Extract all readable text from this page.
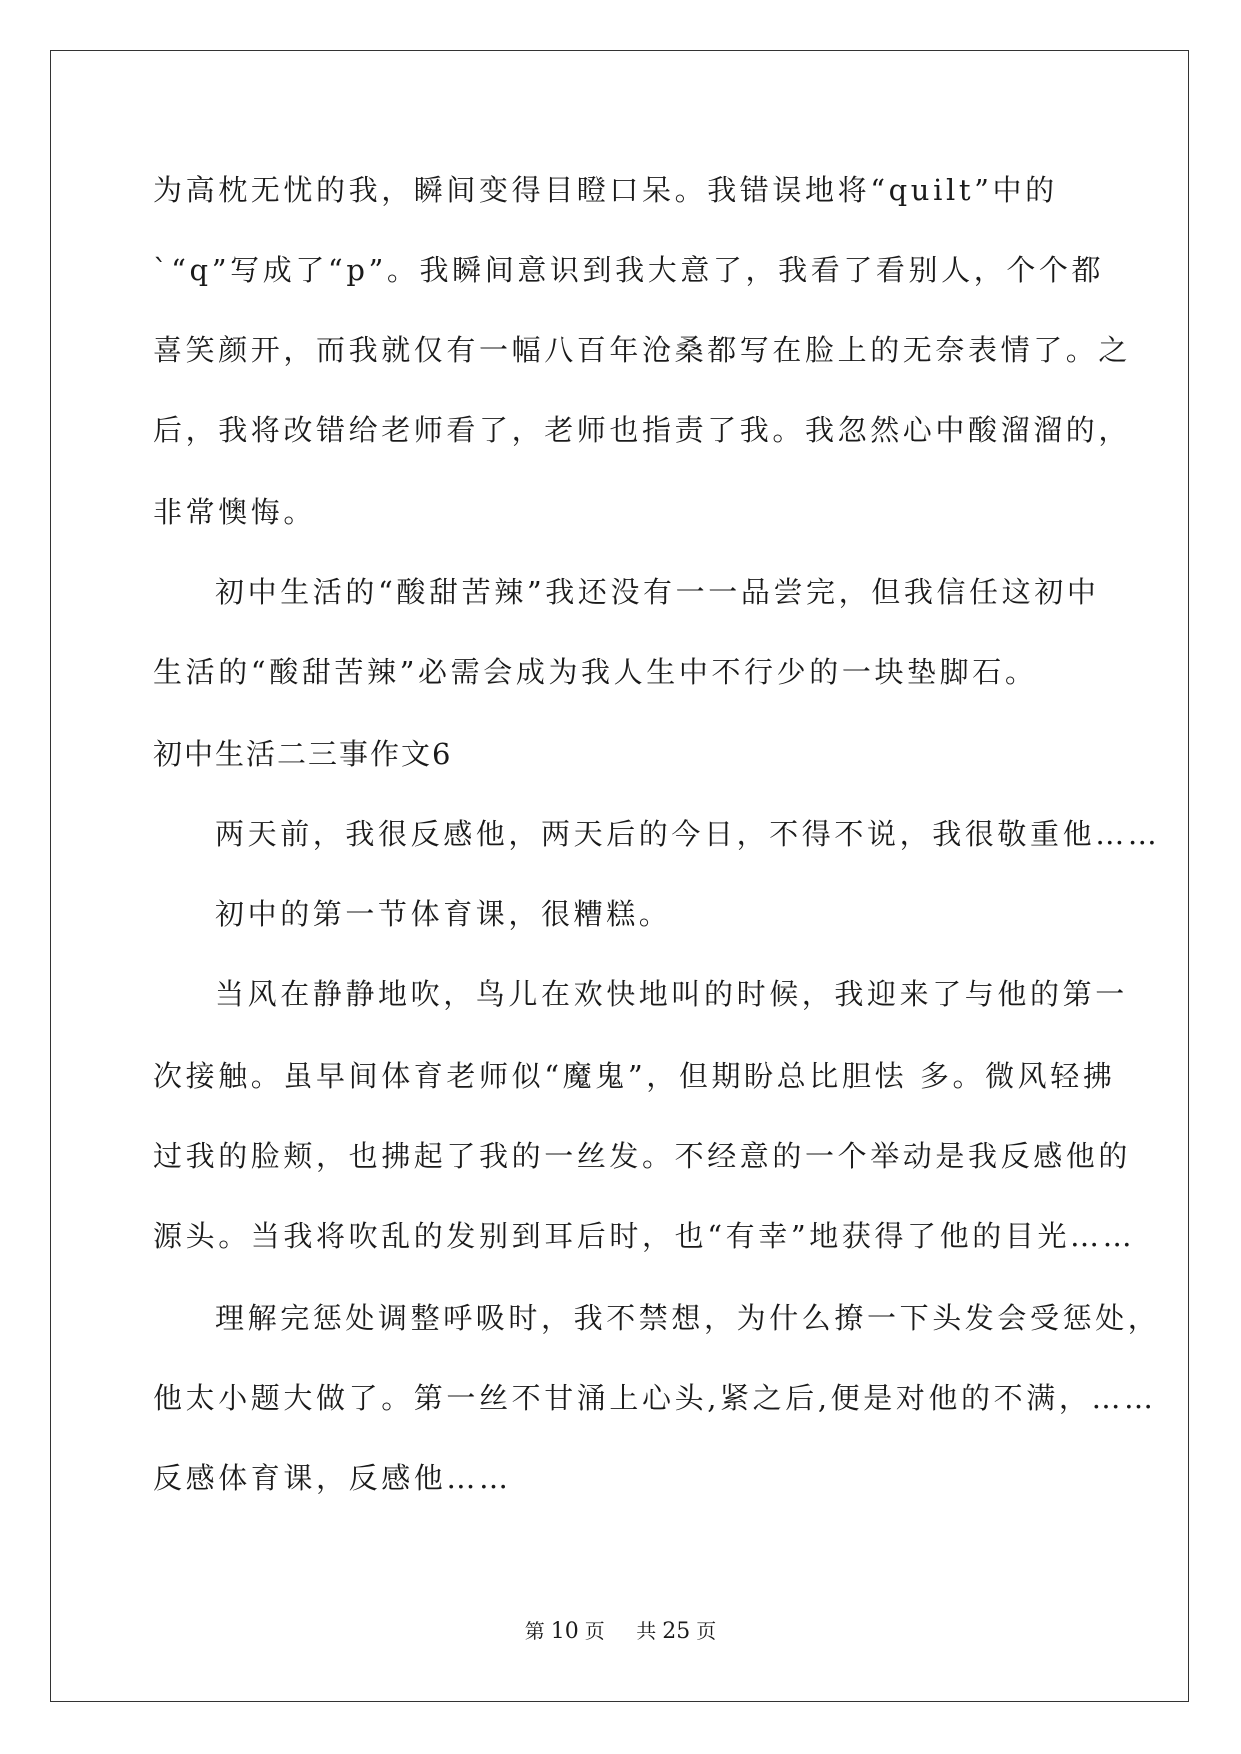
为高枕无忧的我，瞬间变得目瞪口呆。我错误地将“quilt”中的
`“q”写成了“p”。我瞬间意识到我大意了，我看了看别人，个个都
喜笑颜开，而我就仅有一幅八百年沧桑都写在脸上的无奈表情了。之
后，我将改错给老师看了，老师也指责了我。我忽然心中酸溜溜的，
非常懊悔。
初中生活的“酸甜苦辣”我还没有一一品尝完，但我信任这初中
生活的“酸甜苦辣”必需会成为我人生中不行少的一块垫脚石。
初中生活二三事作文6
两天前，我很反感他，两天后的今日，不得不说，我很敬重他……
初中的第一节体育课，很糟糕。
当风在静静地吹，鸟儿在欢快地叫的时候，我迎来了与他的第一
次接触。虽早间体育老师似“魔鬼”，但期盼总比胆怯 多。微风轻拂
过我的脸颊，也拂起了我的一丝发。不经意的一个举动是我反感他的
源头。当我将吹乱的发别到耳后时，也“有幸”地获得了他的目光……
理解完惩处调整呼吸时，我不禁想，为什么撩一下头发会受惩处，
他太小题大做了。第一丝不甘涌上心头,紧之后,便是对他的不满，……
反感体育课，反感他……
第 10 页 共 25 页
